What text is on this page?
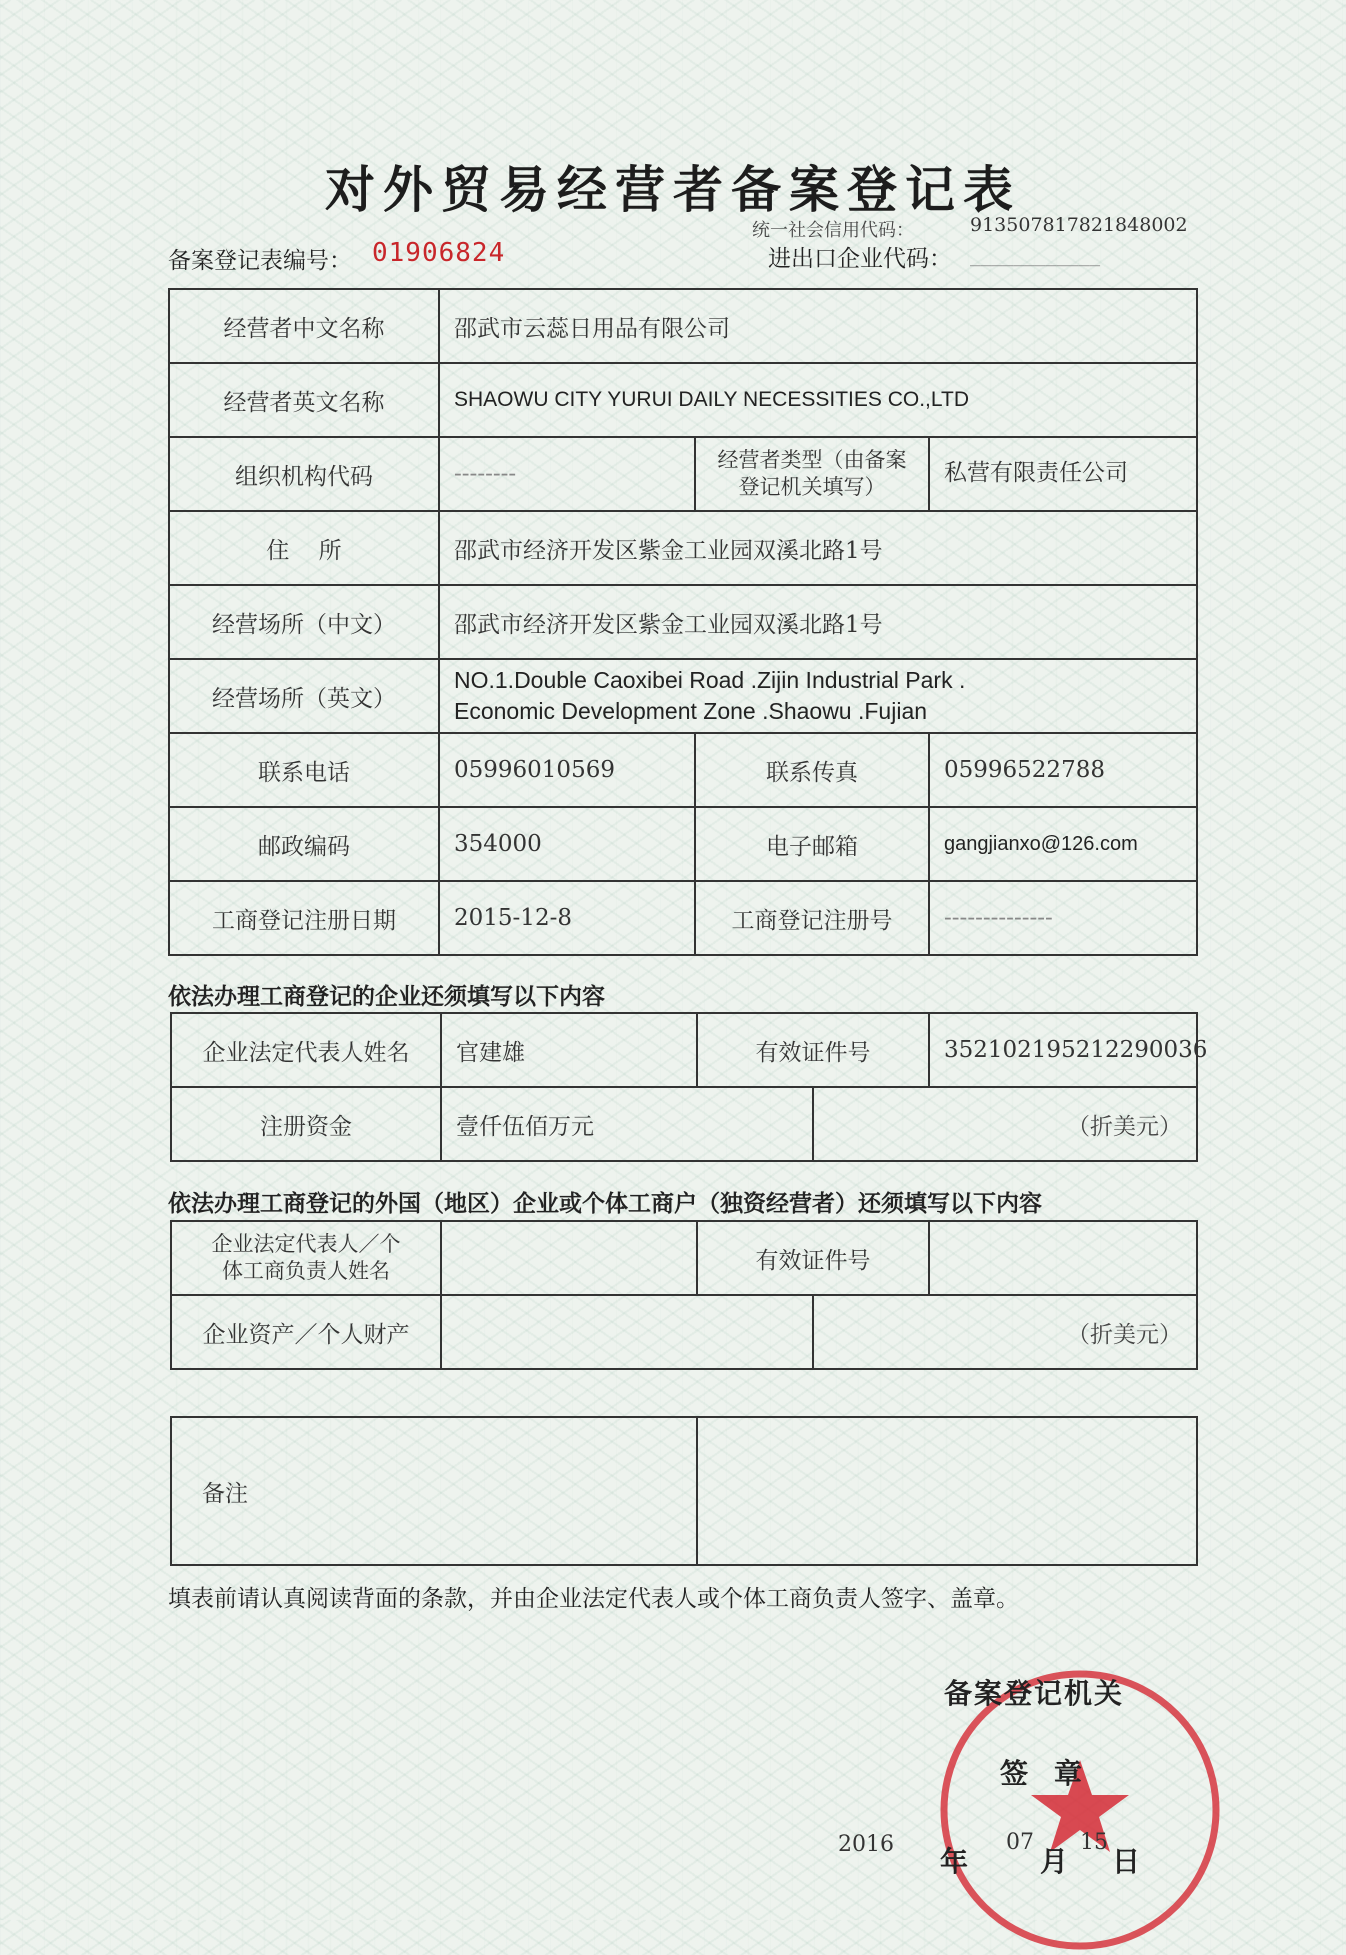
对外贸易经营者备案登记表
统一社会信用代码：	913507817821848002
备案登记表编号： 01906824	进出口企业代码： ____________
经营者中文名称	邵武市云蕊日用品有限公司		
经营者英文名称	SHAOWU CITY YURUI DAILY NECESSITIES CO.,LTD		
组织机构代码	--------	经营者类型（由备案登记机关填写）	私营有限责任公司
住    所	邵武市经济开发区紫金工业园双溪北路1号		
经营场所（中文）	邵武市经济开发区紫金工业园双溪北路1号		
经营场所（英文）	NO.1.Double Caoxibei Road .Zijin Industrial Park . Economic Development Zone .Shaowu .Fujian		
联系电话	05996010569	联系传真	05996522788
邮政编码	354000	电子邮箱	gangjianxo@126.com
工商登记注册日期	2015-12-8	工商登记注册号	--------------
依法办理工商登记的企业还须填写以下内容
企业法定代表人姓名	官建雄	有效证件号		352102195212290036
注册资金	壹仟伍佰万元		（折美元）	
依法办理工商登记的外国（地区）企业或个体工商户（独资经营者）还须填写以下内容
企业法定代表人／个体工商负责人姓名		有效证件号		
企业资产／个人财产			（折美元）	
备注	
填表前请认真阅读背面的条款，并由企业法定代表人或个体工商负责人签字、盖章。
备案登记机关
签章
2016
年
07
月
15
日
